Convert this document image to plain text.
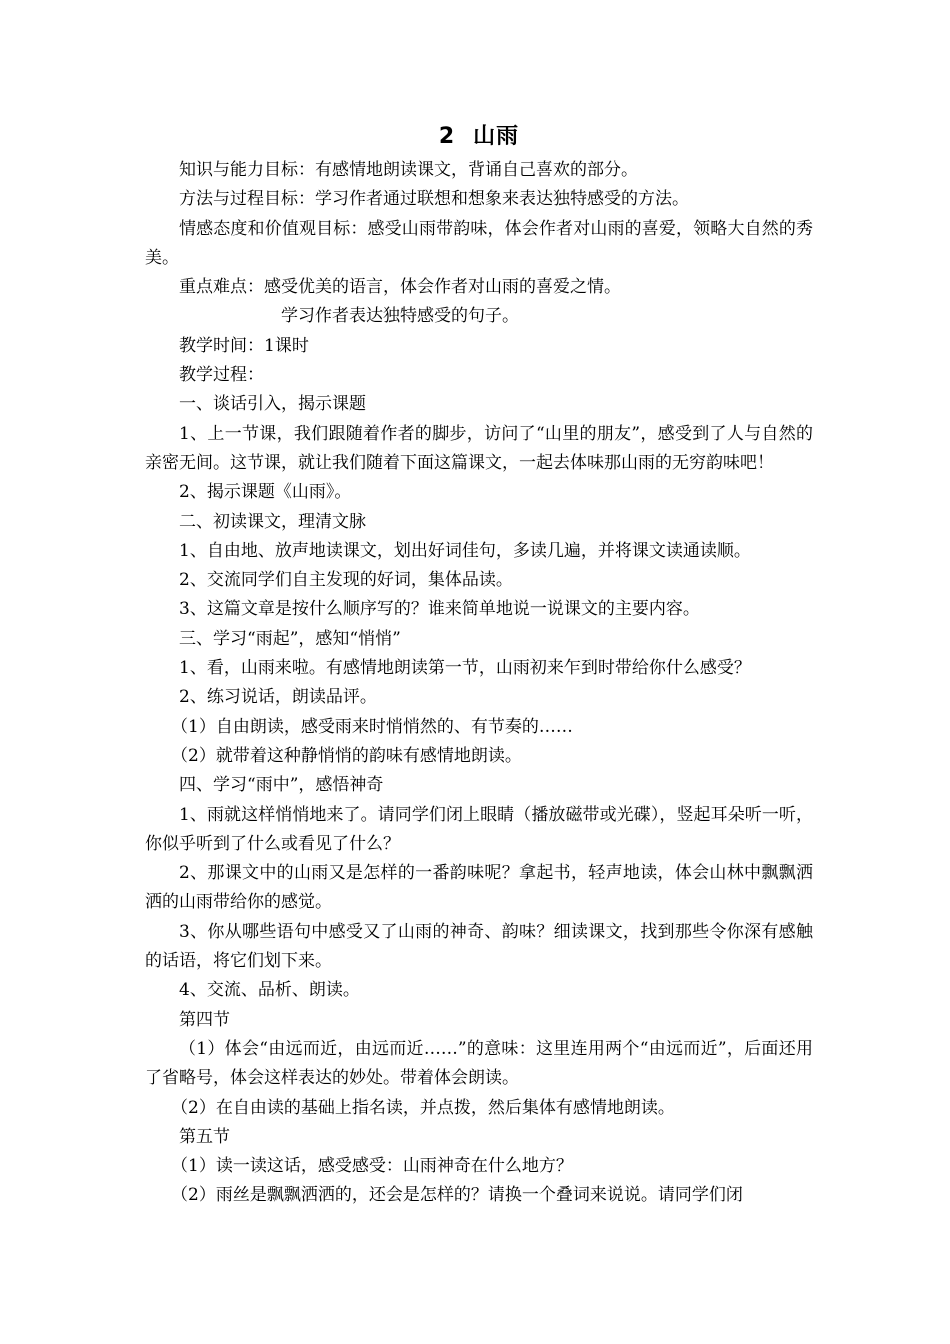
2 山雨

知识与能力目标：有感情地朗读课文，背诵自己喜欢的部分。

方法与过程目标：学习作者通过联想和想象来表达独特感受的方法。

情感态度和价值观目标：感受山雨带韵味，体会作者对山雨的喜爱，领略大自然的秀美。

重点难点：感受优美的语言，体会作者对山雨的喜爱之情。

学习作者表达独特感受的句子。

教学时间：1课时

教学过程：

一、谈话引入，揭示课题

1、上一节课，我们跟随着作者的脚步，访问了“山里的朋友”，感受到了人与自然的亲密无间。这节课，就让我们随着下面这篇课文，一起去体味那山雨的无穷韵味吧！

2、揭示课题《山雨》。

二、初读课文，理清文脉

1、自由地、放声地读课文，划出好词佳句，多读几遍，并将课文读通读顺。

2、交流同学们自主发现的好词，集体品读。

3、这篇文章是按什么顺序写的？谁来简单地说一说课文的主要内容。

三、学习“雨起”，感知“悄悄”

1、看，山雨来啦。有感情地朗读第一节，山雨初来乍到时带给你什么感受？

2、练习说话，朗读品评。

（1）自由朗读，感受雨来时悄悄然的、有节奏的……

（2）就带着这种静悄悄的韵味有感情地朗读。

四、学习“雨中”，感悟神奇

1、雨就这样悄悄地来了。请同学们闭上眼睛（播放磁带或光碟），竖起耳朵听一听，你似乎听到了什么或看见了什么？

2、那课文中的山雨又是怎样的一番韵味呢？拿起书，轻声地读，体会山林中飘飘洒洒的山雨带给你的感觉。

3、你从哪些语句中感受又了山雨的神奇、韵味？细读课文，找到那些令你深有感触的话语，将它们划下来。

4、交流、品析、朗读。

第四节

（1）体会“由远而近，由远而近……”的意味：这里连用两个“由远而近”，后面还用了省略号，体会这样表达的妙处。带着体会朗读。

（2）在自由读的基础上指名读，并点拨，然后集体有感情地朗读。

第五节

（1）读一读这话，感受感受：山雨神奇在什么地方？

（2）雨丝是飘飘洒洒的，还会是怎样的？请换一个叠词来说说。请同学们闭
